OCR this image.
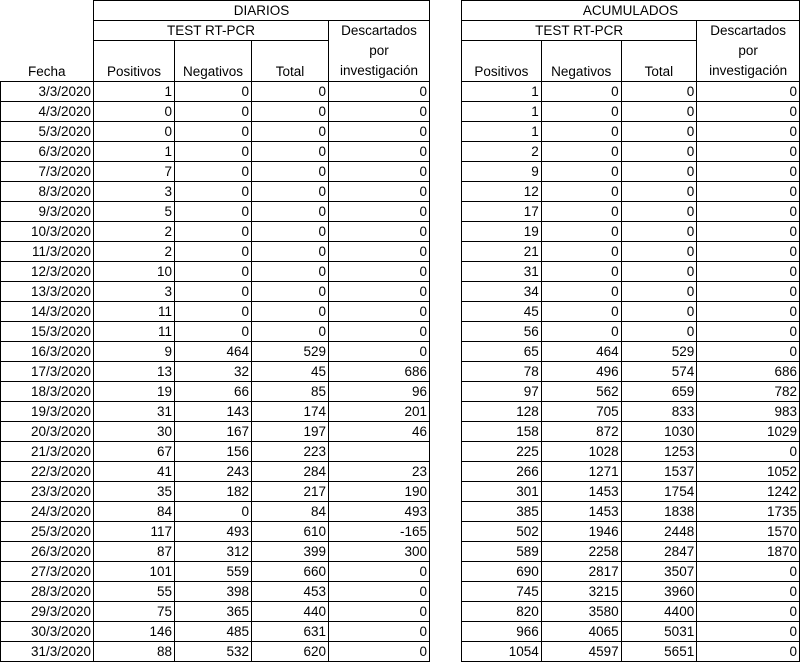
	DIARIOS			
	TEST RT-PCR			Descartados
por
investigación

Fecha	Positivos	Negativos	Total	
3/3/2020	1	0	0	0
4/3/2020	0	0	0	0
5/3/2020	0	0	0	0
6/3/2020	1	0	0	0
7/3/2020	7	0	0	0
8/3/2020	3	0	0	0
9/3/2020	5	0	0	0
10/3/2020	2	0	0	0
11/3/2020	2	0	0	0
12/3/2020	10	0	0	0
13/3/2020	3	0	0	0
14/3/2020	11	0	0	0
15/3/2020	11	0	0	0
16/3/2020	9	464	529	0
17/3/2020	13	32	45	686
18/3/2020	19	66	85	96
19/3/2020	31	143	174	201
20/3/2020	30	167	197	46
21/3/2020	67	156	223	
22/3/2020	41	243	284	23
23/3/2020	35	182	217	190
24/3/2020	84	0	84	493
25/3/2020	117	493	610	-165
26/3/2020	87	312	399	300
27/3/2020	101	559	660	0
28/3/2020	55	398	453	0
29/3/2020	75	365	440	0
30/3/2020	146	485	631	0
31/3/2020	88	532	620	0
ACUMULADOS			
TEST RT-PCR			Descartados
por
investigación

Positivos	Negativos	Total	
1	0	0	0
1	0	0	0
1	0	0	0
2	0	0	0
9	0	0	0
12	0	0	0
17	0	0	0
19	0	0	0
21	0	0	0
31	0	0	0
34	0	0	0
45	0	0	0
56	0	0	0
65	464	529	0
78	496	574	686
97	562	659	782
128	705	833	983
158	872	1030	1029
225	1028	1253	0
266	1271	1537	1052
301	1453	1754	1242
385	1453	1838	1735
502	1946	2448	1570
589	2258	2847	1870
690	2817	3507	0
745	3215	3960	0
820	3580	4400	0
966	4065	5031	0
1054	4597	5651	0
